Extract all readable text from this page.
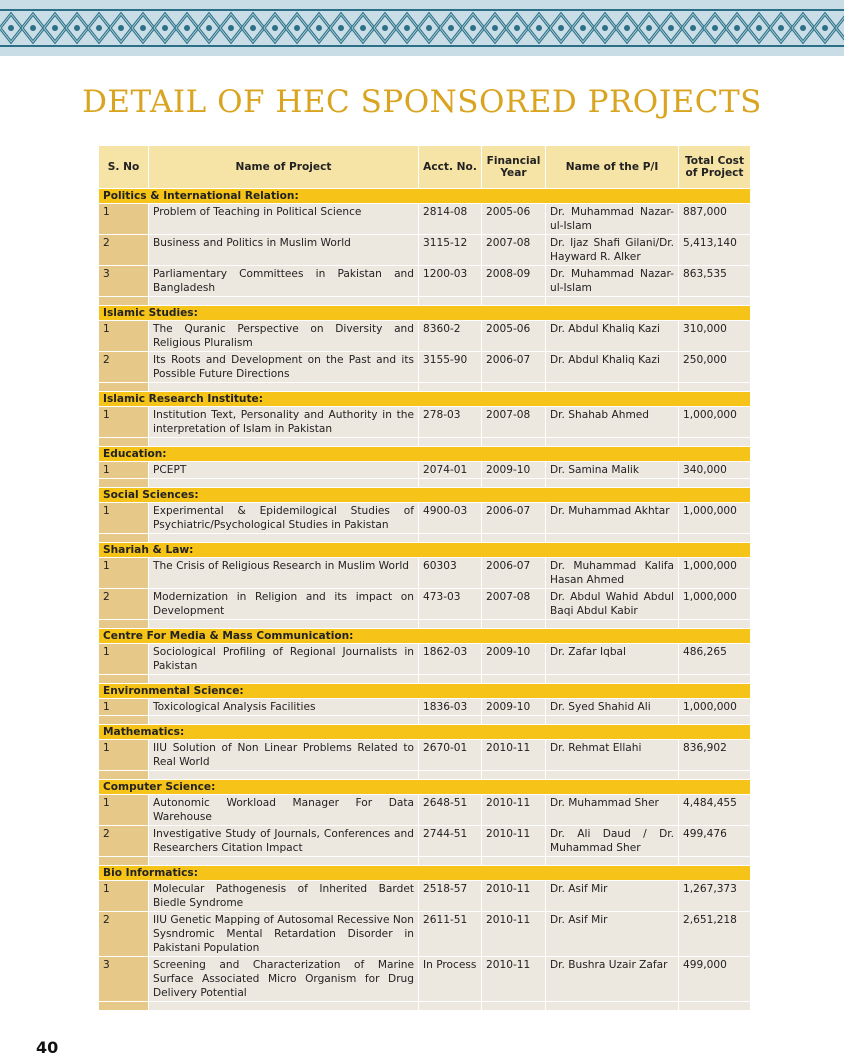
DETAIL OF HEC SPONSORED PROJECTS
S. No	Name of Project	Acct. No.	Financial Year	Name of the P/I	Total Cost of Project
Politics & International Relation:					
1	Problem of Teaching in Political Science	2814-08	2005-06	Dr. Muhammad Nazar-ul-Islam	887,000
2	Business and Politics in Muslim World	3115-12	2007-08	Dr. Ijaz Shafi Gilani/Dr. Hayward R. Alker	5,413,140
3	Parliamentary Committees in Pakistan and Bangladesh	1200-03	2008-09	Dr. Muhammad Nazar-ul-Islam	863,535

Islamic Studies:					
1	The Quranic Perspective on Diversity and Religious Pluralism	8360-2	2005-06	Dr. Abdul Khaliq Kazi	310,000
2	Its Roots and Development on the Past and its Possible Future Directions	3155-90	2006-07	Dr. Abdul Khaliq Kazi	250,000

Islamic Research Institute:					
1	Institution Text, Personality and Authority in the interpretation of Islam in Pakistan	278-03	2007-08	Dr. Shahab Ahmed	1,000,000

Education:					
1	PCEPT	2074-01	2009-10	Dr. Samina Malik	340,000

Social Sciences:					
1	Experimental & Epidemilogical Studies of Psychiatric/Psychological Studies in Pakistan	4900-03	2006-07	Dr. Muhammad Akhtar	1,000,000

Shariah & Law:					
1	The Crisis of Religious Research in Muslim World	60303	2006-07	Dr. Muhammad Kalifa Hasan Ahmed	1,000,000
2	Modernization in Religion and its impact on Development	473-03	2007-08	Dr. Abdul Wahid Abdul Baqi Abdul Kabir	1,000,000

Centre For Media & Mass Communication:					
1	Sociological Profiling of Regional Journalists in Pakistan	1862-03	2009-10	Dr. Zafar Iqbal	486,265

Environmental Science:					
1	Toxicological Analysis Facilities	1836-03	2009-10	Dr. Syed Shahid Ali	1,000,000

Mathematics:					
1	IIU Solution of Non Linear Problems Related to Real World	2670-01	2010-11	Dr. Rehmat Ellahi	836,902

Computer Science:					
1	Autonomic Workload Manager For Data Warehouse	2648-51	2010-11	Dr. Muhammad Sher	4,484,455
2	Investigative Study of Journals, Conferences and Researchers Citation Impact	2744-51	2010-11	Dr. Ali Daud / Dr. Muhammad Sher	499,476

Bio Informatics:					
1	Molecular Pathogenesis of Inherited Bardet Biedle Syndrome	2518-57	2010-11	Dr. Asif Mir	1,267,373
2	IIU Genetic Mapping of Autosomal Recessive Non Sysndromic Mental Retardation Disorder in Pakistani Population	2611-51	2010-11	Dr. Asif Mir	2,651,218
3	Screening and Characterization of Marine Surface Associated Micro Organism for Drug Delivery Potential	In Process	2010-11	Dr. Bushra Uzair Zafar	499,000

40
